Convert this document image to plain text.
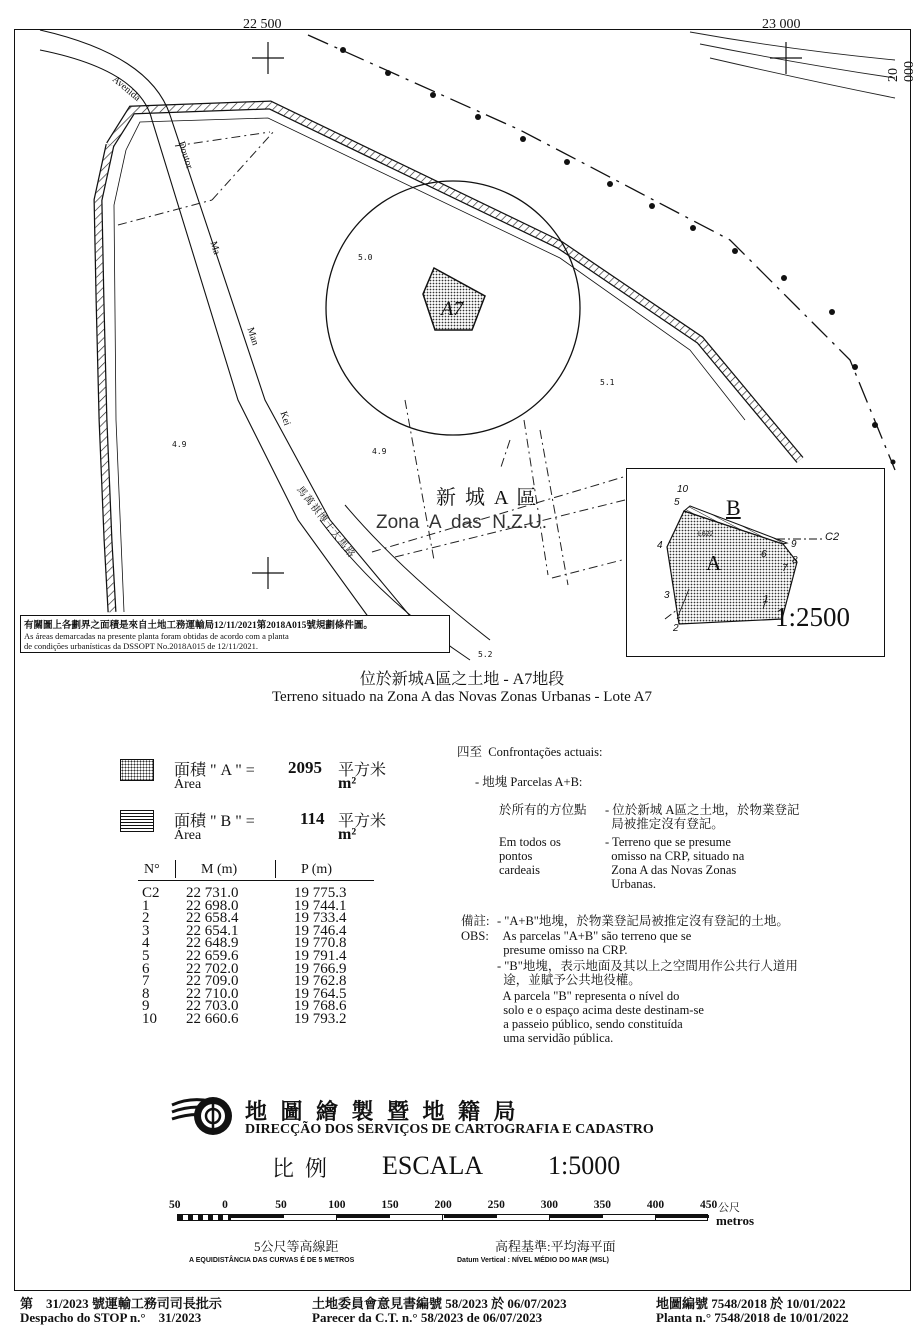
22 500	23 000
20 000
Avenida
Doutor
Ma
Man
Kei
馬萬祺博士大馬路
5.0
5.1
4.9
4.9
5.2
A7
新 城 A 區
Zona  A  das  N.Z.U.
有關圖上各劃界之面積是來自土地工務運輸局12/11/2021第2018A015號規劃條件圖。
As áreas demarcadas na presente planta foram obtidas de acordo com a planta
de condições urbanísticas da DSSOPT No.2018A015 de 12/11/2021.
10
5
4
3
2
6
7
8
9
1
C2
B
A
L622
1:2500
位於新城A區之土地 - A7地段
Terreno situado na Zona A das Novas Zonas Urbanas - Lote A7
面積 " A " =
Área
2095 平方米
m²
面積 " B " =
Área
114 平方米
m²
N°	M (m)	P (m)
C2 22 731.0	19 775.3
1 22 698.0	19 744.1
2 22 658.4	19 733.4
3 22 654.1	19 746.4
4 22 648.9	19 770.8
5 22 659.6	19 791.4
6 22 702.0	19 766.9
7 22 709.0	19 762.8
8 22 710.0	19 764.5
9 22 703.0	19 768.6
10 22 660.6	19 793.2
四至  Confrontações actuais:
- 地塊 Parcelas A+B:
於所有的方位點 - 位於新城 A區之土地，於物業登記
局被推定沒有登記。
Em todos os
pontos
cardeais
- Terreno que se presume
omisso na CRP, situado na
Zona A das Novas Zonas
Urbanas.
備註:
OBS:
- "A+B"地塊，於物業登記局被推定沒有登記的土地。
As parcelas "A+B" são terreno que se
presume omisso na CRP.
- "B"地塊，表示地面及其以上之空間用作公共行人道用
途，並賦予公共地役權。
A parcela "B" representa o nível do
solo e o espaço acima deste destinam-se
a passeio público, sendo constituída
uma servidão pública.
地 圖 繪 製 暨 地 籍 局
DIRECÇÃO DOS SERVIÇOS DE CARTOGRAFIA E CADASTRO
比  例 ESCALA 1:5000
50	0	50	100	150	200	250	300	350	400	450 公尺
metros
5公尺等高線距
A EQUIDISTÂNCIA DAS CURVAS É DE 5 METROS
高程基準:平均海平面
Datum Vertical : NÍVEL MÉDIO DO MAR (MSL)
第    31/2023 號運輸工務司司長批示
Despacho do STOP n.°    31/2023
土地委員會意見書編號 58/2023 於 06/07/2023
Parecer da C.T. n.° 58/2023 de 06/07/2023
地圖編號 7548/2018 於 10/01/2022
Planta n.° 7548/2018 de 10/01/2022
